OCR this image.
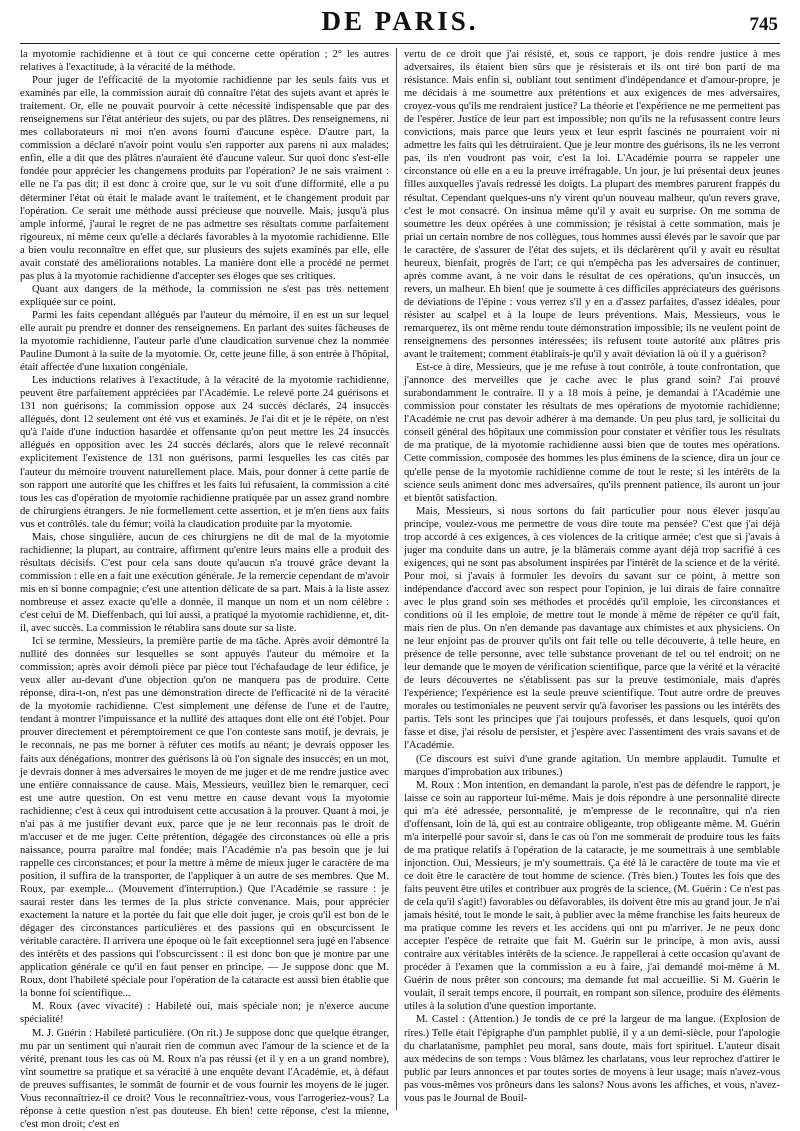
DE PARIS.	745

la myotomie rachidienne et à tout ce qui concerne cette opération ; 2° les autres relatives à l'exactitude, à la véracité de la méthode.

Pour juger de l'efficacité de la myotomie rachidienne par les seuls faits vus et examinés par elle, la commission aurait dû connaître l'état des sujets avant et après le traitement. Or, elle ne pouvait pourvoir à cette nécessité indispensable que par des renseignemens sur l'état antérieur des sujets, ou par des plâtres. Des renseignemens, ni mes collaborateurs ni moi n'en avons fourni d'aucune espèce. D'autre part, la commission a déclaré n'avoir point voulu s'en rapporter aux parens ni aux malades; enfin, elle a dit que des plâtres n'auraient été d'aucune valeur. Sur quoi donc s'est-elle fondée pour apprécier les changemens produits par l'opération? Je ne sais vraiment : elle ne l'a pas dit; il est donc à croire que, sur le vu soit d'une difformité, elle a pu déterminer l'état où était le malade avant le traitement, et le changement produit par l'opération. Ce serait une méthode aussi précieuse que nouvelle. Mais, jusqu'à plus ample informé, j'aurai le regret de ne pas admettre ses résultats comme parfaitement rigoureux, ni même ceux qu'elle a déclarés favorables à la myotomie rachidienne. Elle a bien voulu reconnaître en effet que, sur plusieurs des sujets examinés par elle, elle avait constaté des améliorations notables. La manière dont elle a procédé ne permet pas plus à la myotomie rachidienne d'accepter ses éloges que ses critiques.

Quant aux dangers de la méthode, la commission ne s'est pas très nettement expliquée sur ce point.

Parmi les faits cependant allégués par l'auteur du mémoire, il en est un sur lequel elle aurait pu prendre et donner des renseignemens. En parlant des suites fâcheuses de la myotomie rachidienne, l'auteur parle d'une claudication survenue chez la nommée Pauline Dumont à la suite de la myotomie. Or, cette jeune fille, à son entrée à l'hôpital, était affectée d'une luxation congéniale.

Les inductions relatives à l'exactitude, à la véracité de la myotomie rachidienne, peuvent être parfaitement appréciées par l'Académie. Le relevé porte 24 guérisons et 131 non guérisons; la commission oppose aux 24 succès déclarés, 24 insuccès allégués, dont 12 seulement ont été vus et examinés. Je l'ai dit et je le répète, on n'est qu'à l'aide d'une induction hasardée et offensante qu'on peut mettre les 24 insuccès allégués en opposition avec les 24 succès déclarés, alors que le relevé reconnaît explicitement l'existence de 131 non guérisons, parmi lesquelles les cas cités par l'auteur du mémoire trouvent naturellement place. Mais, pour donner à cette partie de son rapport une autorité que les chiffres et les faits lui refusaient, la commission a cité tous les cas d'opération de myotomie rachidienne pratiquée par un assez grand nombre de chirurgiens étrangers. Je nie formellement cette assertion, et je m'en tiens aux faits vus et contrôlés. tale du fémur; voilà la claudication produite par la myotomie.

Mais, chose singulière, aucun de ces chirurgiens ne dit de mal de la myotomie rachidienne; la plupart, au contraire, affirment qu'entre leurs mains elle a produit des résultats décisifs. C'est pour cela sans doute qu'aucun n'a trouvé grâce devant la commission : elle en a fait une exécution générale. Je la remercie cependant de m'avoir mis en si bonne compagnie; c'est une attention délicate de sa part. Mais à la liste assez nombreuse et assez exacte qu'elle a donnée, il manque un nom et un nom célèbre : c'est celui de M. Dieffenbach, qui lui aussi, a pratiqué la myotomie rachidienne, et, dit-il, avec succès. La commission le rétablira sans doute sur sa liste.

Ici se termine, Messieurs, la première partie de ma tâche. Après avoir démontré la nullité des données sur lesquelles se sont appuyés l'auteur du mémoire et la commission; après avoir démoli pièce par pièce tout l'échafaudage de leur édifice, je veux aller au-devant d'une objection qu'on ne manquera pas de produire. Cette réponse, dira-t-on, n'est pas une démonstration directe de l'efficacité ni de la véracité de la myotomie rachidienne. C'est simplement une défense de l'une et de l'autre, tendant à montrer l'impuissance et la nullité des attaques dont elle ont été l'objet. Pour prouver directement et péremptoirement ce que l'on conteste sans motif, je devrais, je le reconnais, ne pas me borner à réfuter ces motifs au néant; je devrais opposer les faits aux dénégations, montrer des guérisons là où l'on signale des insuccès; en un mot, je devrais donner à mes adversaires le moyen de me juger et de me rendre justice avec une entière connaissance de cause. Mais, Messieurs, veuillez bien le remarquer, ceci est une autre question. On est venu mettre en cause devant vous la myotomie rachidienne; c'est à ceux qui introduisent cette accusation à la prouver. Quant à moi, je n'ai pas à me justifier devant eux, parce que je ne leur reconnais pas le droit de m'accuser et de me juger. Cette prétention, dégagée des circonstances où elle a pris naissance, pourra paraître mal fondée; mais l'Académie n'a pas besoin que je lui rappelle ces circonstances; et pour la mettre à même de mieux juger le caractère de ma position, il suffira de la transporter, de l'appliquer à un autre de ses membres. Que M. Roux, par exemple... (Mouvement d'interruption.) Que l'Académie se rassure : je saurai rester dans les termes de la plus stricte convenance. Mais, pour apprécier exactement la nature et la portée du fait que elle doit juger, je crois qu'il est bon de le dégager des circonstances particulières et des passions qui en obscurcissent le véritable caractère. Il arrivera une époque où le fait exceptionnel sera jugé en l'absence des intérêts et des passions qui l'obscurcissent : il est donc bon que je montre par une application générale ce qu'il en faut penser en principe. — Je suppose donc que M. Roux, dont l'habileté spéciale pour l'opération de la cataracte est aussi bien établie que la bonne foi scientifique...

M. Roux (avec vivacité) : Habileté oui, mais spéciale non; je n'exerce aucune spécialité!

M. J. Guérin : Habileté particulière. (On rit.) Je suppose donc que quelque étranger, mu par un sentiment qui n'aurait rien de commun avec l'amour de la science et de la vérité, prenant tous les cas où M. Roux n'a pas réussi (et il y en a un grand nombre), vînt soumettre sa pratique et sa véracité à une enquête devant l'Académie, et, à défaut de preuves suffisantes, le sommât de fournir et de vous fournir les moyens de le juger. Vous reconnaîtriez-il ce droit? Vous le reconnaîtriez-vous, vous l'arrogeriez-vous? La réponse à cette question n'est pas douteuse. Eh bien! cette réponse, c'est la mienne, c'est mon droit; c'est en

vertu de ce droit que j'ai résisté, et, sous ce rapport, je dois rendre justice à mes adversaires, ils étaient bien sûrs que je résisterais et ils ont tiré bon parti de ma résistance. Mais enfin si, oubliant tout sentiment d'indépendance et d'amour-propre, je me décidais à me soumettre aux prétentions et aux exigences de mes adversaires, croyez-vous qu'ils me rendraient justice? La théorie et l'expérience ne me permettent pas de l'espérer. Justice de leur part est impossible; non qu'ils ne la refusassent contre leurs convictions, mais parce que leurs yeux et leur esprit fascinés ne pourraient voir ni admettre les faits qui les détruiraient. Que je leur montre des guérisons, ils ne les verront pas, ils n'en voudront pas voir, c'est la loi. L'Académie pourra se rappeler une circonstance où elle en a eu la preuve irréfragable. Un jour, je lui présentai deux jeunes filles auxquelles j'avais redressé les doigts. La plupart des membres parurent frappés du résultat. Cependant quelques-uns n'y virent qu'un nouveau malheur, qu'un revers grave, c'est le mot consacré. On insinua même qu'il y avait eu surprise. On me somma de soumettre les deux opérées à une commission; je résistai à cette sommation, mais je priai un certain nombre de nos collègues, tous hommes aussi élevés par le savoir que par le caractère, de s'assurer de l'état des sujets, et ils déclarèrent qu'il y avait eu résultat heureux, bienfait, progrès de l'art; ce qui n'empêcha pas les adversaires de continuer, après comme avant, à ne voir dans le résultat de ces opérations, qu'un insuccès, un revers, un malheur. Eh bien! que je soumette à ces difficiles appréciateurs des guérisons de déviations de l'épine : vous verrez s'il y en a d'assez parfaites, d'assez idéales, pour résister au scalpel et à la loupe de leurs préventions. Mais, Messieurs, vous le remarquerez, ils ont même rendu toute démonstration impossible; ils ne veulent point de renseignemens des personnes intéressées; ils refusent toute autorité aux plâtres pris avant le traitement; comment établirais-je qu'il y avait déviation là où il y a guérison?

Est-ce à dire, Messieurs, que je me refuse à tout contrôle, à toute confrontation, que j'annonce des merveilles que je cache avec le plus grand soin? J'ai prouvé surabondamment le contraire. Il y a 18 mois à peine, je demandai à l'Académie une commission pour constater les résultats de mes opérations de myotomie rachidienne; l'Académie ne crut pas devoir adhérer à ma demande. Un peu plus tard, je sollicitai du conseil général des hôpitaux une commission pour constater et vérifier tous les résultats de ma pratique, de la myotomie rachidienne aussi bien que de toutes mes opérations. Cette commission, composée des hommes les plus éminens de la science, dira un jour ce qu'elle pense de la myotomie rachidienne comme de tout le reste; si les intérêts de la science seuls animent donc mes adversaires, qu'ils prennent patience, ils auront un jour et bientôt satisfaction.

Mais, Messieurs, si nous sortons du fait particulier pour nous élever jusqu'au principe, voulez-vous me permettre de vous dire toute ma pensée? C'est que j'ai déjà trop accordé à ces exigences, à ces violences de la critique armée; c'est que si j'avais à juger ma conduite dans un autre, je la blâmerais comme ayant déjà trop sacrifié à ces exigences, qui ne sont pas absolument inspirées par l'intérêt de la science et de la vérité. Pour moi, si j'avais à formuler les devoirs du savant sur ce point, à mettre son indépendance d'accord avec son respect pour l'opinion, je lui dirais de faire connaître avec le plus grand soin ses méthodes et procédés qu'il emploie, les circonstances et conditions où il les emploie, de mettre tout le monde à même de répéter ce qu'il fait, mais rien de plus. On n'en demande pas davantage aux chimistes et aux physiciens. On ne leur enjoint pas de prouver qu'ils ont fait telle ou telle découverte, à telle heure, en présence de telle personne, avec telle substance provenant de tel ou tel endroit; on ne leur demande que le moyen de vérification scientifique, parce que la vérité et la véracité de leurs découvertes ne s'établissent pas sur la preuve testimoniale, mais d'après l'expérience; l'expérience est la seule preuve scientifique. Tout autre ordre de preuves morales ou testimoniales ne peuvent servir qu'à favoriser les passions ou les intérêts des partis. Tels sont les principes que j'ai toujours professés, et dans lesquels, quoi qu'on fasse et dise, j'ai résolu de persister, et j'espère avec l'assentiment des vrais savans et de l'Académie.

(Ce discours est suivi d'une grande agitation. Un membre applaudit. Tumulte et marques d'improbation aux tribunes.)

M. Roux : Mon intention, en demandant la parole, n'est pas de défendre le rapport, je laisse ce soin au rapporteur lui-même. Mais je dois répondre à une personnalité directe qui m'a été adressée, personnalité, je m'empresse de le reconnaître, qui n'a rien d'offensant, loin de là, qui est au contraire obligeante, trop obligeante même. M. Guérin m'a interpellé pour savoir si, dans le cas où l'on me sommerait de produire tous les faits de ma pratique relatifs à l'opération de la cataracte, je me soumettrais à une semblable injonction. Oui, Messieurs, je m'y soumettrais. Ça été là le caractère de toute ma vie et ce doit être le caractère de tout homme de science. (Très bien.) Toutes les fois que des faits peuvent être utiles et contribuer aux progrès de la science, (M. Guérin : Ce n'est pas de cela qu'il s'agit!) favorables ou défavorables, ils doivent être mis au grand jour. Je n'ai jamais hésité, tout le monde le sait, à publier avec la même franchise les faits heureux de ma pratique comme les revers et les accidens qui ont pu m'arriver. Je ne peux donc accepter l'espèce de retraite que fait M. Guérin sur le principe, à mon avis, aussi contraire aux véritables intérêts de la science. Je rappellerai à cette occasion qu'avant de procéder à l'examen que la commission a eu à faire, j'ai demandé moi-même à M. Guérin de nous prêter son concours; ma demande fut mal accueillie. Si M. Guérin le voulait, il serait temps encore, il pourrait, en rompant son silence, produire des éléments utiles à la solution d'une question importante.

M. Castel : (Attention.) Je tondis de ce pré la largeur de ma langue. (Explosion de rires.) Telle était l'épigraphe d'un pamphlet publié, il y a un demi-siècle, pour l'apologie du charlatanisme, pamphlet peu moral, sans doute, mais fort spirituel. L'auteur disait aux médecins de son temps : Vous blâmez les charlatans, vous leur reprochez d'attirer le public par leurs annonces et par toutes sortes de moyens à leur usage; mais n'avez-vous pas vous-mêmes vos prôneurs dans les salons? Nous avons les affiches, et vous, n'avez-vous pas le Journal de Bouil-
